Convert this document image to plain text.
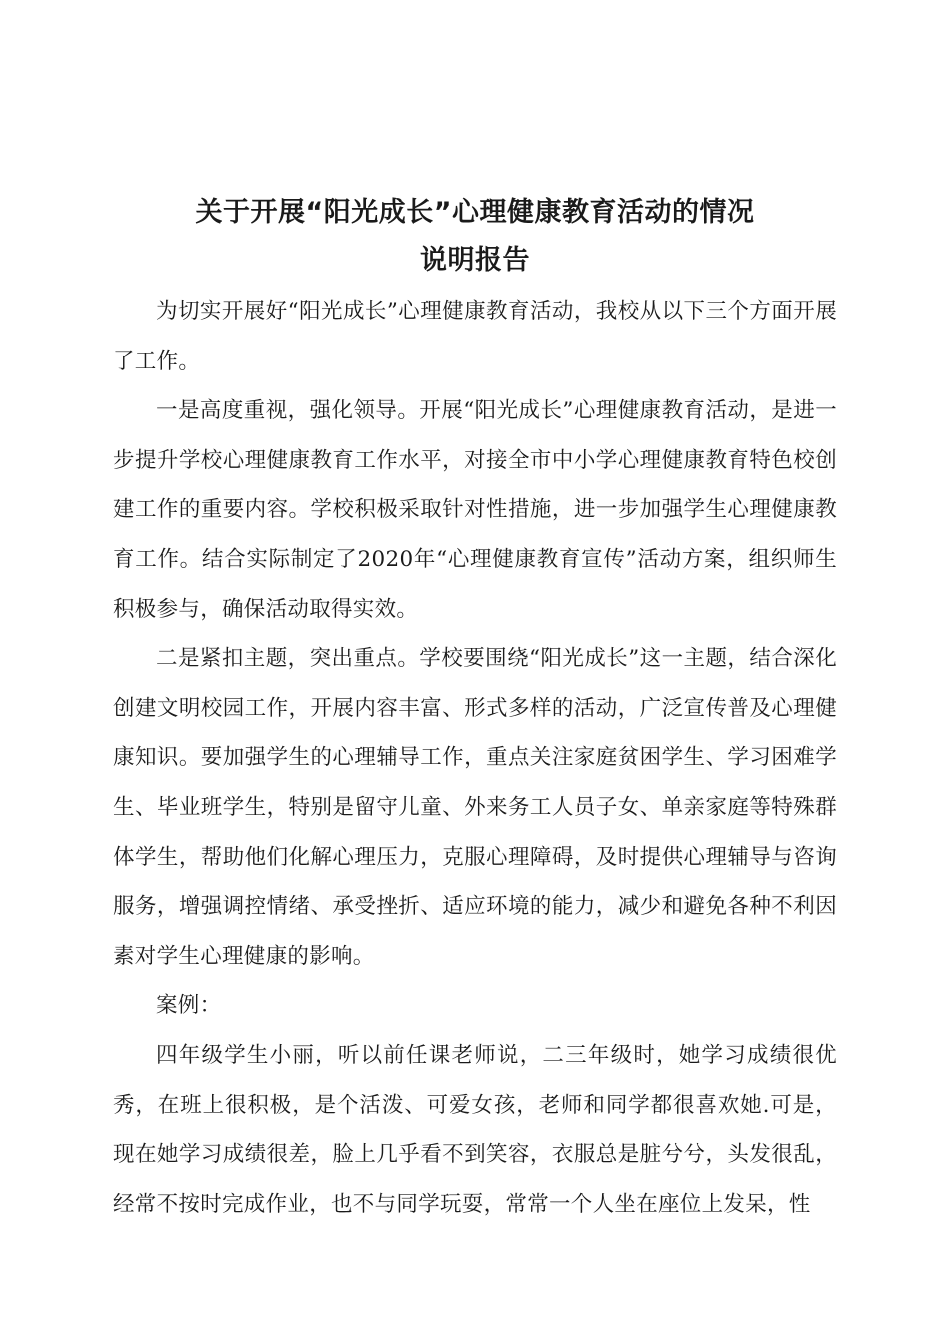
关于开展“阳光成长”心理健康教育活动的情况
说明报告

为切实开展好“阳光成长”心理健康教育活动，我校从以下三个方面开展了工作。

一是高度重视，强化领导。开展“阳光成长”心理健康教育活动，是进一步提升学校心理健康教育工作水平，对接全市中小学心理健康教育特色校创建工作的重要内容。学校积极采取针对性措施，进一步加强学生心理健康教育工作。结合实际制定了2020年“心理健康教育宣传”活动方案，组织师生积极参与，确保活动取得实效。

二是紧扣主题，突出重点。学校要围绕“阳光成长”这一主题，结合深化创建文明校园工作，开展内容丰富、形式多样的活动，广泛宣传普及心理健康知识。要加强学生的心理辅导工作，重点关注家庭贫困学生、学习困难学生、毕业班学生，特别是留守儿童、外来务工人员子女、单亲家庭等特殊群体学生，帮助他们化解心理压力，克服心理障碍，及时提供心理辅导与咨询服务，增强调控情绪、承受挫折、适应环境的能力，减少和避免各种不利因素对学生心理健康的影响。

案例：

四年级学生小丽，听以前任课老师说，二三年级时，她学习成绩很优秀，在班上很积极，是个活泼、可爱女孩，老师和同学都很喜欢她.可是，现在她学习成绩很差，脸上几乎看不到笑容，衣服总是脏兮兮，头发很乱，经常不按时完成作业，也不与同学玩耍，常常一个人坐在座位上发呆，性
